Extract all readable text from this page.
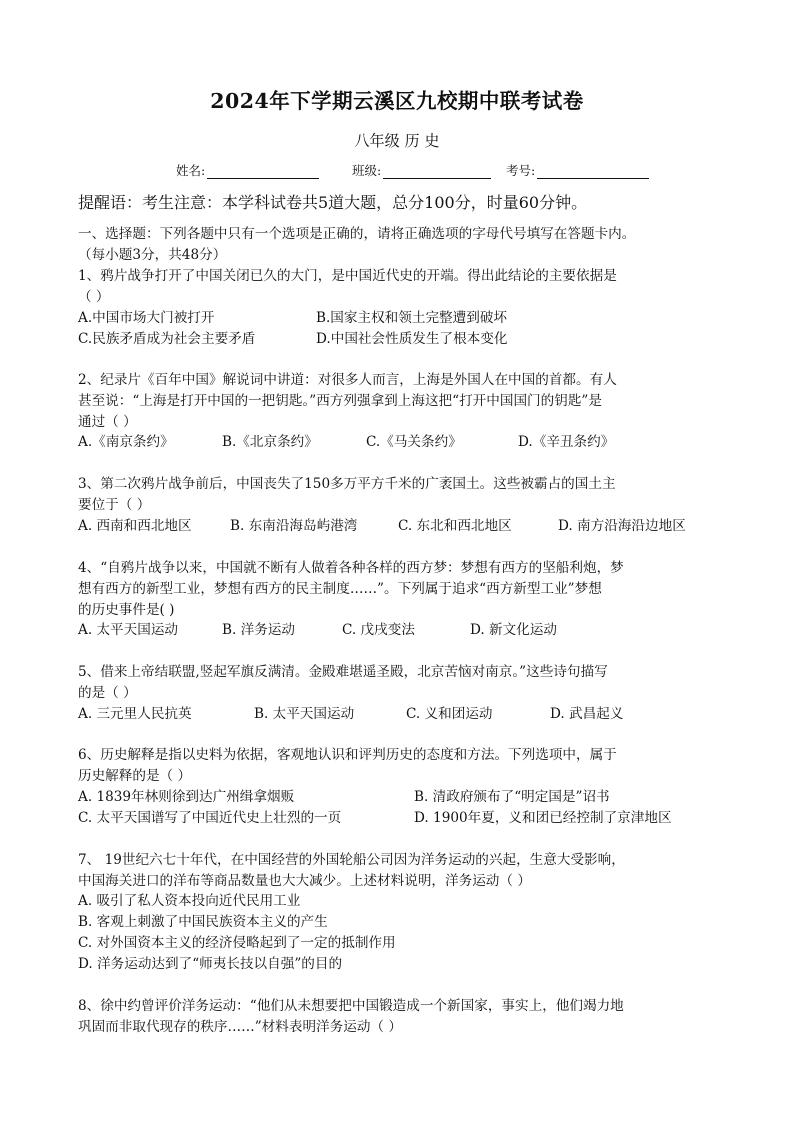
2024年下学期云溪区九校期中联考试卷
八年级 历 史
姓名:	班级:	考号:
提醒语：考生注意：本学科试卷共5道大题，总分100分，时量60分钟。
一、选择题：下列各题中只有一个选项是正确的，请将正确选项的字母代号填写在答题卡内。
（每小题3分，共48分）
1、鸦片战争打开了中国关闭已久的大门，是中国近代史的开端。得出此结论的主要依据是
（ ）
A.中国市场大门被打开	B.国家主权和领土完整遭到破坏
C.民族矛盾成为社会主要矛盾	D.中国社会性质发生了根本变化
2、纪录片《百年中国》解说词中讲道：对很多人而言，上海是外国人在中国的首都。有人
甚至说：“上海是打开中国的一把钥匙。”西方列强拿到上海这把“打开中国国门的钥匙”是
通过（ ）
A.《南京条约》	B.《北京条约》	C.《马关条约》	D.《辛丑条约》
3、第二次鸦片战争前后，中国丧失了150多万平方千米的广袤国土。这些被霸占的国土主
要位于（ ）
A. 西南和西北地区	B. 东南沿海岛屿港湾	C. 东北和西北地区	D. 南方沿海沿边地区
4、“自鸦片战争以来，中国就不断有人做着各种各样的西方梦：梦想有西方的坚船利炮，梦
想有西方的新型工业，梦想有西方的民主制度……”。下列属于追求“西方新型工业”梦想
的历史事件是( )
A. 太平天国运动	B. 洋务运动	C. 戊戌变法	D. 新文化运动
5、借来上帝结联盟,竖起军旗反满清。金殿难堪遥圣殿，北京苦恼对南京。”这些诗句描写
的是（ ）
A. 三元里人民抗英	B. 太平天国运动	C. 义和团运动	D. 武昌起义
6、历史解释是指以史料为依据，客观地认识和评判历史的态度和方法。下列选项中，属于
历史解释的是（ ）
A. 1839年林则徐到达广州缉拿烟贩	B. 清政府颁布了“明定国是”诏书
C. 太平天国谱写了中国近代史上壮烈的一页	D. 1900年夏，义和团已经控制了京津地区
7、 19世纪六七十年代，在中国经营的外国轮船公司因为洋务运动的兴起，生意大受影响，
中国海关进口的洋布等商品数量也大大减少。上述材料说明，洋务运动（ ）
A. 吸引了私人资本投向近代民用工业
B. 客观上刺激了中国民族资本主义的产生
C. 对外国资本主义的经济侵略起到了一定的抵制作用
D. 洋务运动达到了“师夷长技以自强”的目的
8、徐中约曾评价洋务运动：“他们从未想要把中国锻造成一个新国家，事实上，他们竭力地
巩固而非取代现存的秩序……”材料表明洋务运动（ ）
